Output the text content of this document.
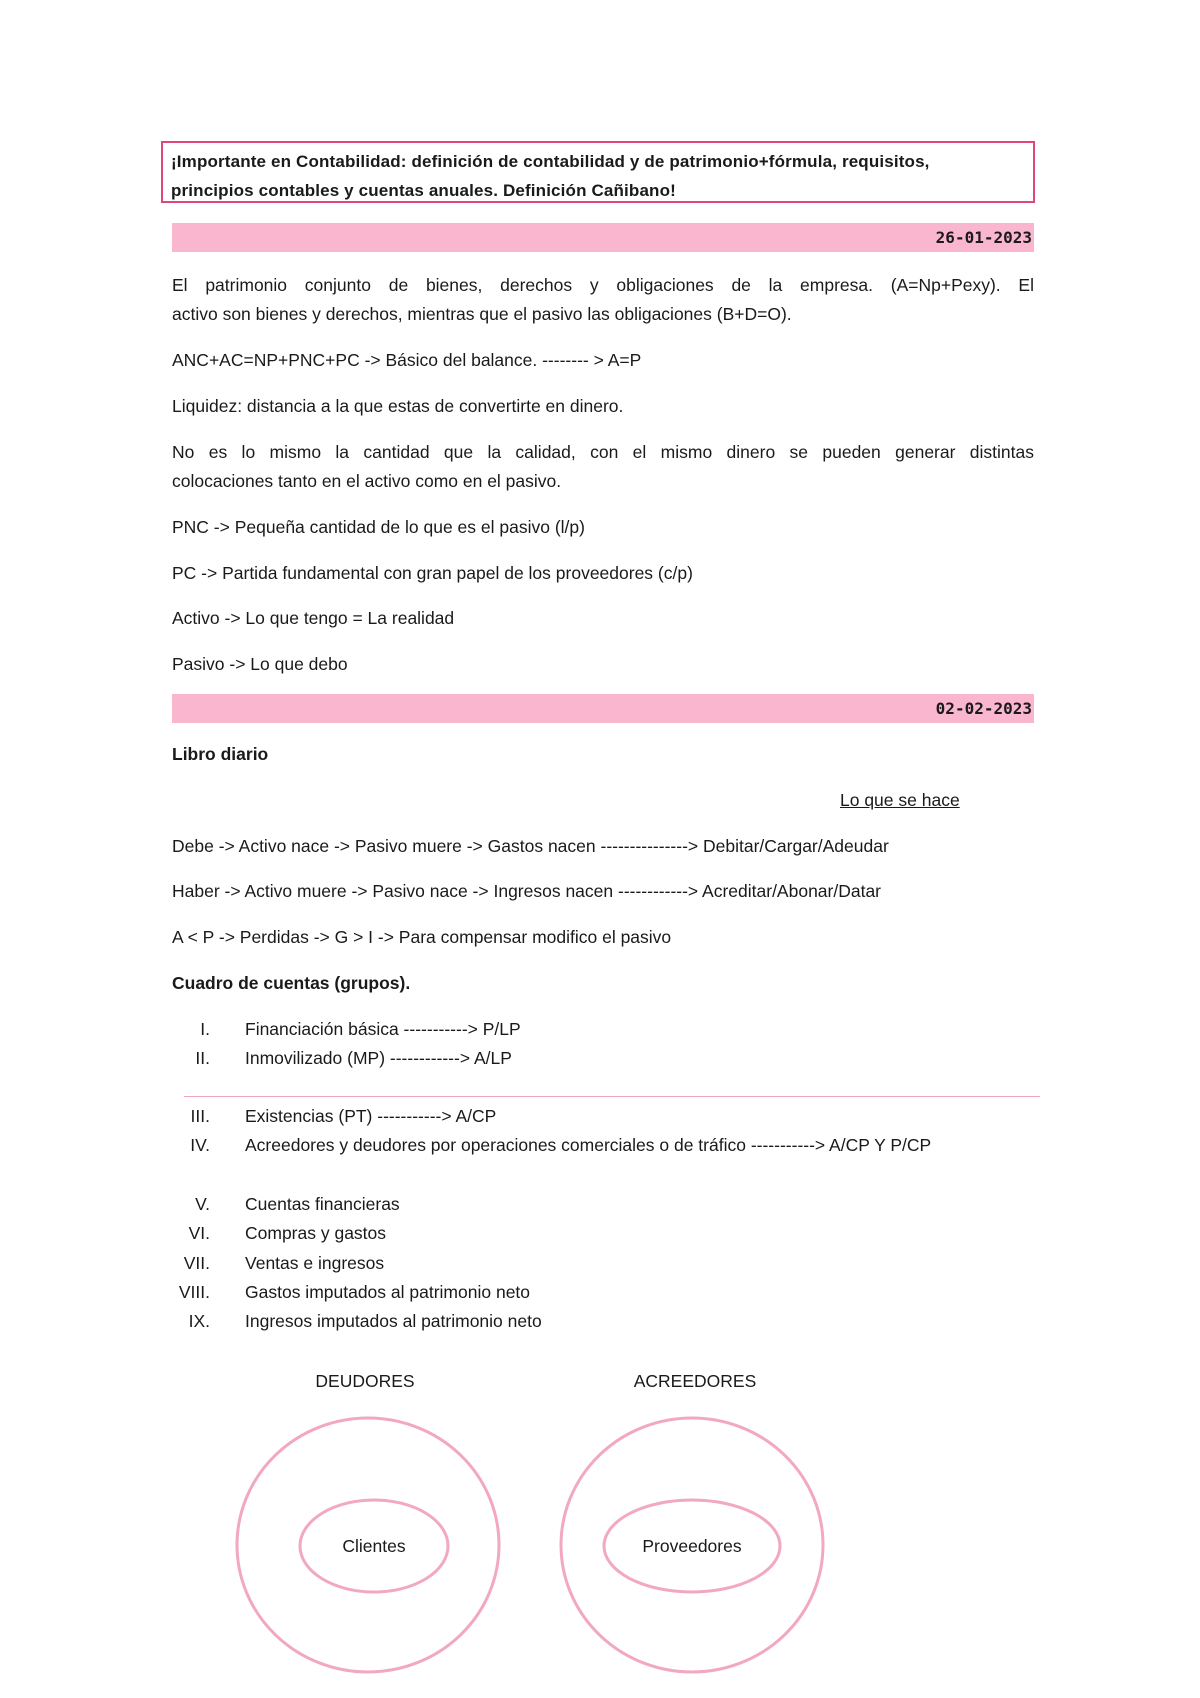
¡Importante en Contabilidad: definición de contabilidad y de patrimonio+fórmula, requisitos,
principios contables y cuentas anuales. Definición Cañibano!
26-01-2023
El patrimonio conjunto de bienes, derechos y obligaciones de la empresa. (A=Np+Pexy). El
activo son bienes y derechos, mientras que el pasivo las obligaciones (B+D=O).
ANC+AC=NP+PNC+PC -> Básico del balance. -------- > A=P
Liquidez: distancia a la que estas de convertirte en dinero.
No es lo mismo la cantidad que la calidad, con el mismo dinero se pueden generar distintas
colocaciones tanto en el activo como en el pasivo.
PNC -> Pequeña cantidad de lo que es el pasivo (l/p)
PC -> Partida fundamental con gran papel de los proveedores (c/p)
Activo -> Lo que tengo = La realidad
Pasivo -> Lo que debo
02-02-2023
Libro diario
Lo que se hace
Debe -> Activo nace -> Pasivo muere -> Gastos nacen ---------------> Debitar/Cargar/Adeudar
Haber -> Activo muere -> Pasivo nace -> Ingresos nacen ------------> Acreditar/Abonar/Datar
A < P -> Perdidas -> G > I -> Para compensar modifico el pasivo
Cuadro de cuentas (grupos).
I. Financiación básica -----------> P/LP
II. Inmovilizado (MP) ------------> A/LP
III. Existencias (PT) -----------> A/CP
IV. Acreedores y deudores por operaciones comerciales o de tráfico -----------> A/CP Y P/CP
V. Cuentas financieras
VI. Compras y gastos
VII. Ventas e ingresos
VIII. Gastos imputados al patrimonio neto
IX. Ingresos imputados al patrimonio neto
DEUDORES	ACREEDORES
Clientes	Proveedores
